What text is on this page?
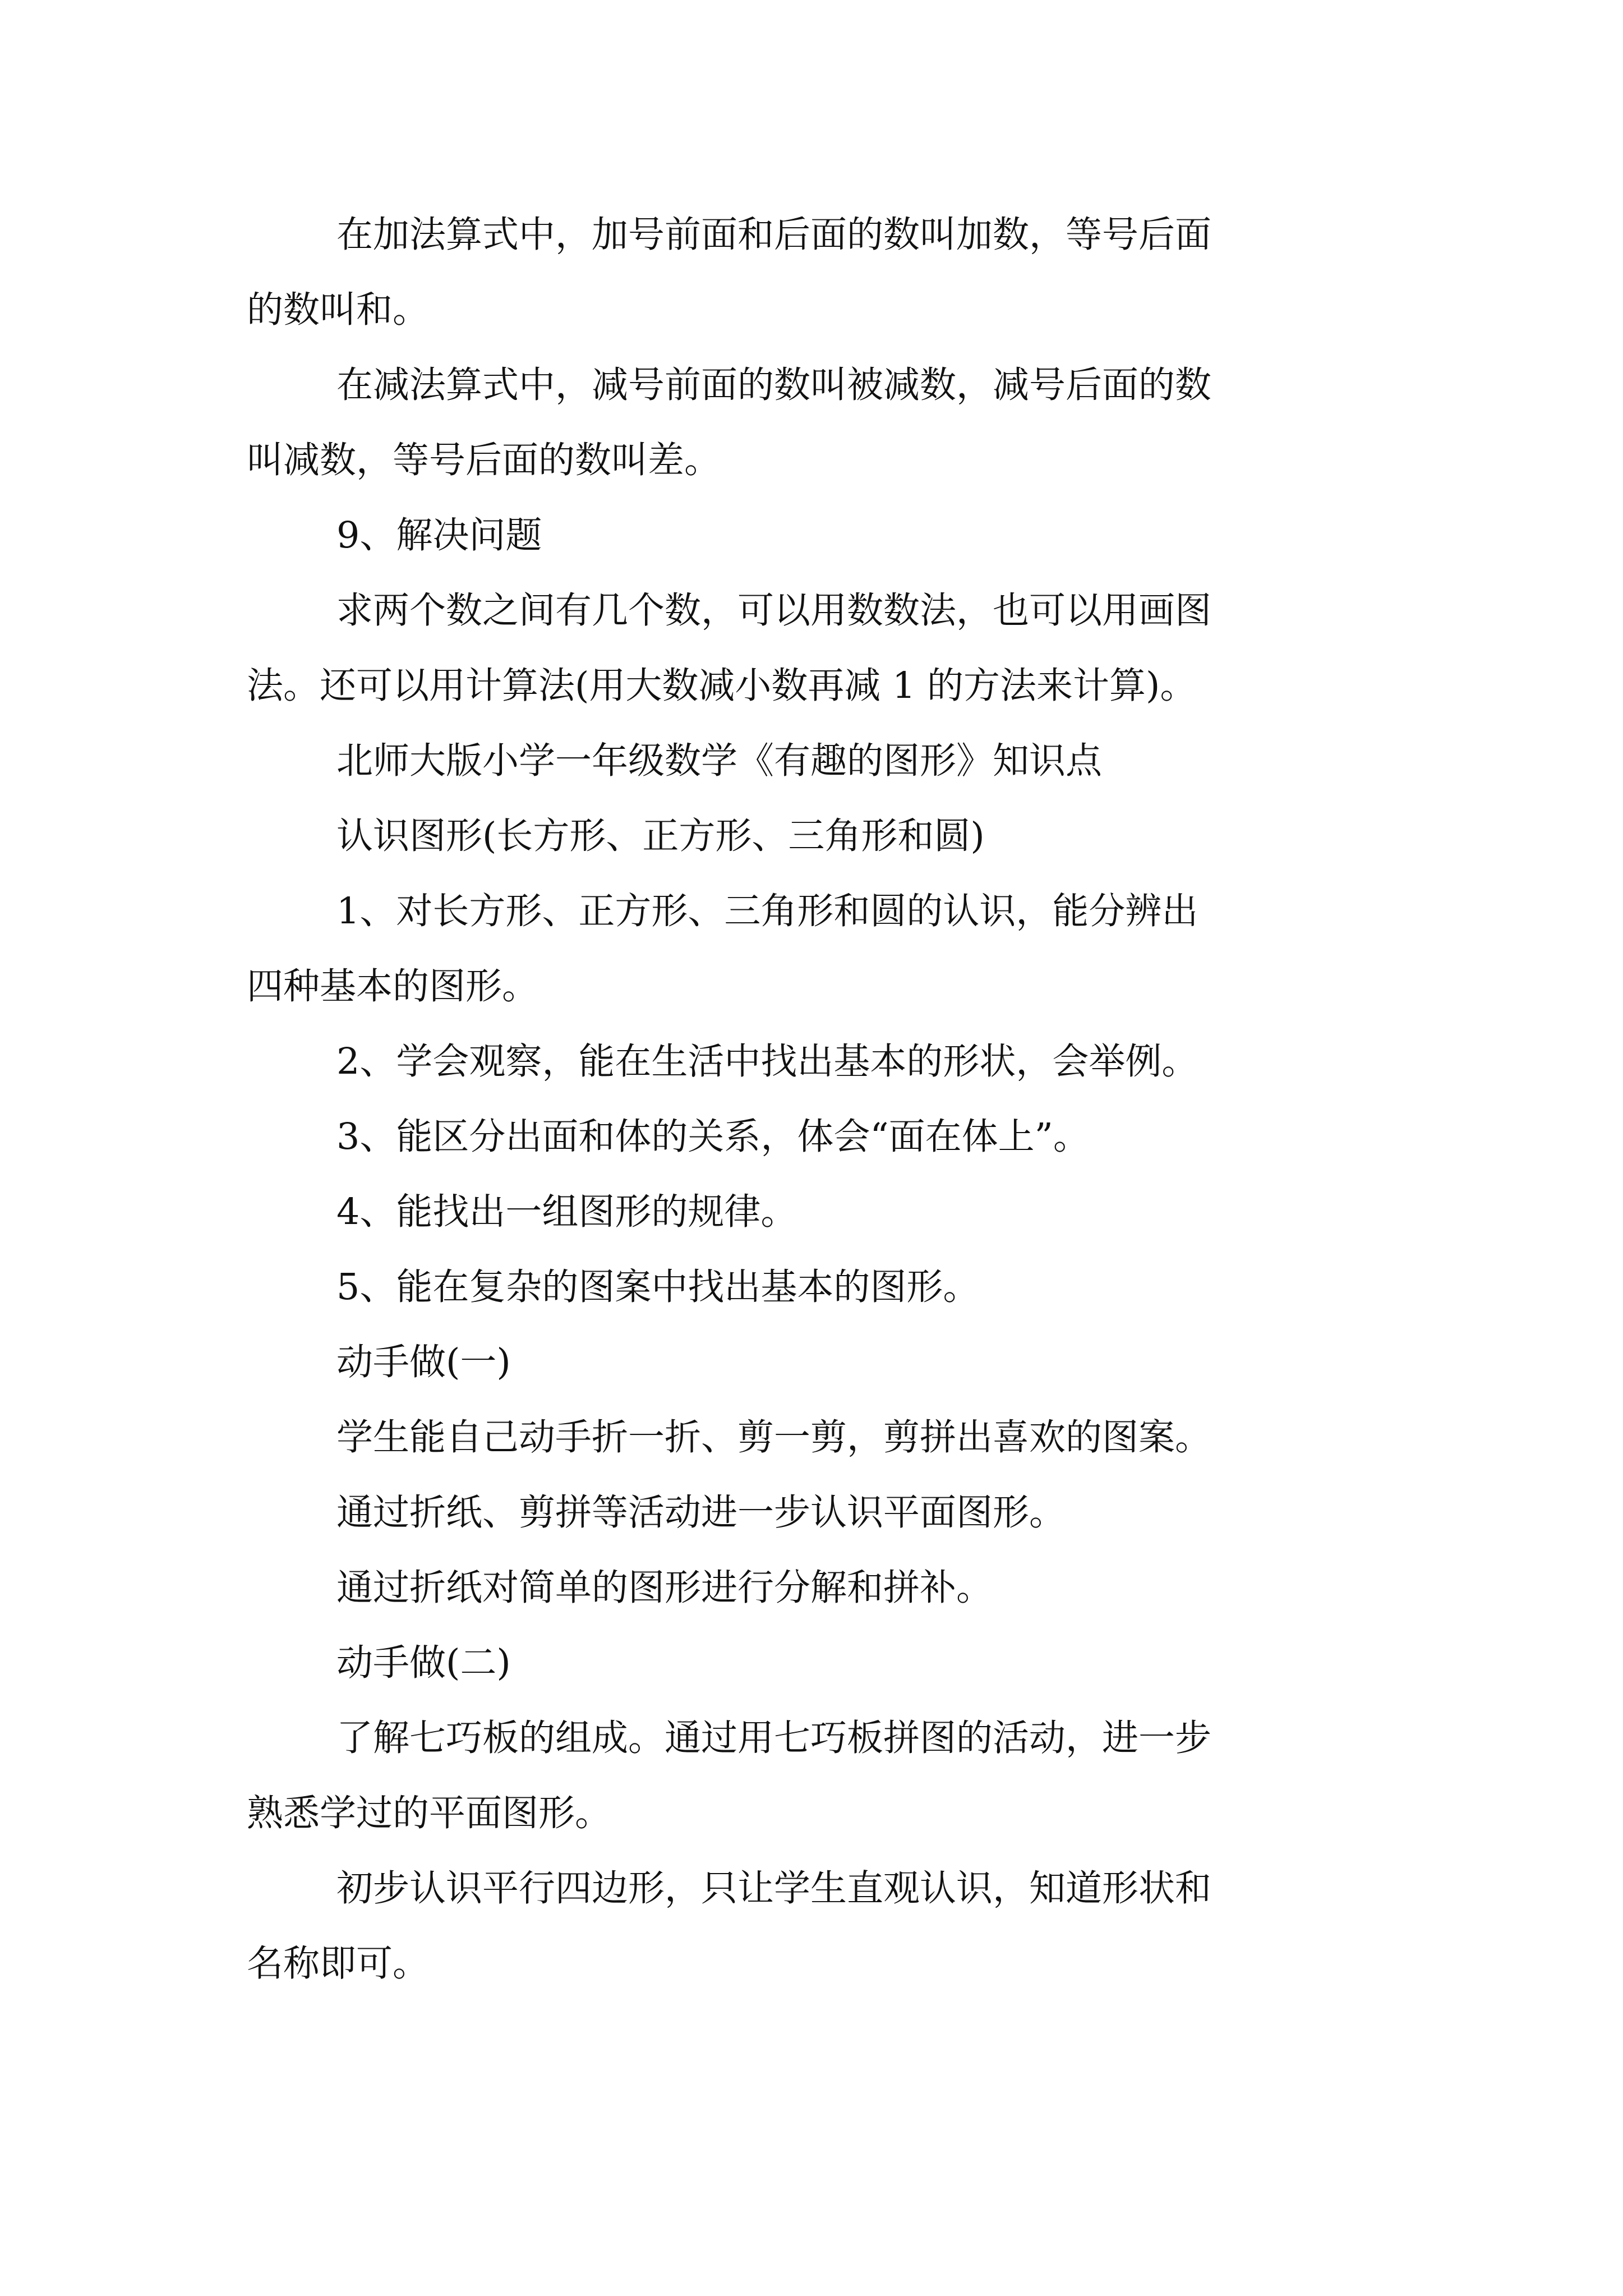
在加法算式中，加号前面和后面的数叫加数，等号后面
的数叫和。

在减法算式中，减号前面的数叫被减数，减号后面的数
叫减数，等号后面的数叫差。

9、解决问题

求两个数之间有几个数，可以用数数法，也可以用画图
法。还可以用计算法(用大数减小数再减 1 的方法来计算)。

北师大版小学一年级数学《有趣的图形》知识点

认识图形(长方形、正方形、三角形和圆)

1、对长方形、正方形、三角形和圆的认识，能分辨出
四种基本的图形。

2、学会观察，能在生活中找出基本的形状，会举例。

3、能区分出面和体的关系，体会“面在体上”。

4、能找出一组图形的规律。

5、能在复杂的图案中找出基本的图形。

动手做(一)

学生能自己动手折一折、剪一剪，剪拼出喜欢的图案。

通过折纸、剪拼等活动进一步认识平面图形。

通过折纸对简单的图形进行分解和拼补。

动手做(二)

了解七巧板的组成。通过用七巧板拼图的活动，进一步
熟悉学过的平面图形。

初步认识平行四边形，只让学生直观认识，知道形状和
名称即可。
